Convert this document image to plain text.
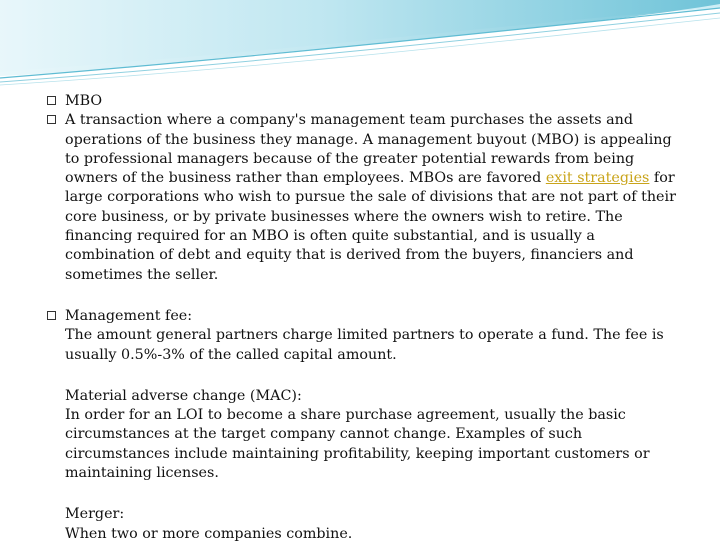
MBO
A transaction where a company's management team purchases the assets and operations of the business they manage. A management buyout (MBO) is appealing to professional managers because of the greater potential rewards from being owners of the business rather than employees. MBOs are favored exit strategies for large corporations who wish to pursue the sale of divisions that are not part of their core business, or by private businesses where the owners wish to retire. The financing required for an MBO is often quite substantial, and is usually a combination of debt and equity that is derived from the buyers, financiers and sometimes the seller.
Management fee:
The amount general partners charge limited partners to operate a fund. The fee is usually 0.5%-3% of the called capital amount.
Material adverse change (MAC):
In order for an LOI to become a share purchase agreement, usually the basic circumstances at the target company cannot change. Examples of such circumstances include maintaining profitability, keeping important customers or maintaining licenses.
Merger:
When two or more companies combine.
